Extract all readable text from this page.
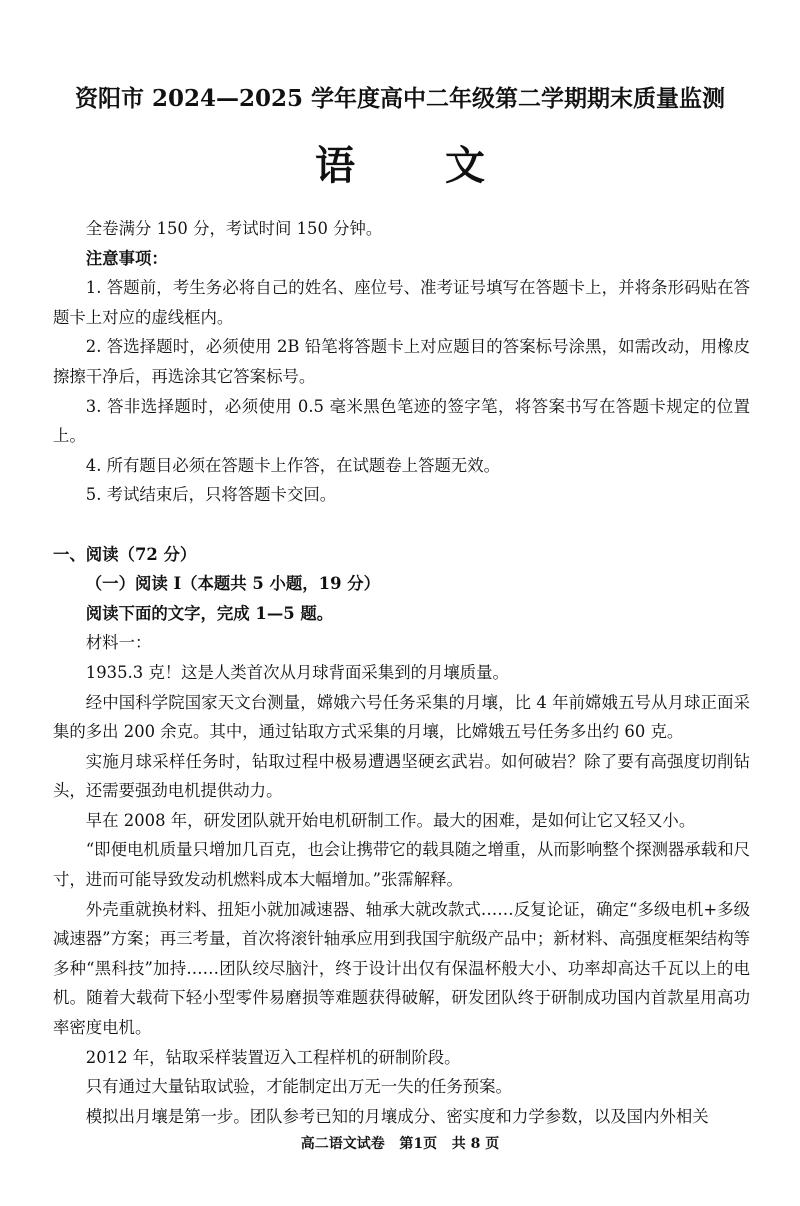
资阳市 2024—2025 学年度高中二年级第二学期期末质量监测
语文

全卷满分 150 分，考试时间 150 分钟。

注意事项：

1. 答题前，考生务必将自己的姓名、座位号、准考证号填写在答题卡上，并将条形码贴在答题卡上对应的虚线框内。

2. 答选择题时，必须使用 2B 铅笔将答题卡上对应题目的答案标号涂黑，如需改动，用橡皮擦擦干净后，再选涂其它答案标号。

3. 答非选择题时，必须使用 0.5 毫米黑色笔迹的签字笔，将答案书写在答题卡规定的位置上。

4. 所有题目必须在答题卡上作答，在试题卷上答题无效。

5. 考试结束后，只将答题卡交回。

一、阅读（72 分）

（一）阅读 I（本题共 5 小题，19 分）

阅读下面的文字，完成 1—5 题。

材料一：

1935.3 克！这是人类首次从月球背面采集到的月壤质量。

经中国科学院国家天文台测量，嫦娥六号任务采集的月壤，比 4 年前嫦娥五号从月球正面采集的多出 200 余克。其中，通过钻取方式采集的月壤，比嫦娥五号任务多出约 60 克。

实施月球采样任务时，钻取过程中极易遭遇坚硬玄武岩。如何破岩？除了要有高强度切削钻头，还需要强劲电机提供动力。

早在 2008 年，研发团队就开始电机研制工作。最大的困难，是如何让它又轻又小。

“即便电机质量只增加几百克，也会让携带它的载具随之增重，从而影响整个探测器承载和尺寸，进而可能导致发动机燃料成本大幅增加。”张霈解释。

外壳重就换材料、扭矩小就加减速器、轴承大就改款式……反复论证，确定“多级电机+多级减速器”方案；再三考量，首次将滚针轴承应用到我国宇航级产品中；新材料、高强度框架结构等多种“黑科技”加持……团队绞尽脑汁，终于设计出仅有保温杯般大小、功率却高达千瓦以上的电机。随着大载荷下轻小型零件易磨损等难题获得破解，研发团队终于研制成功国内首款星用高功率密度电机。

2012 年，钻取采样装置迈入工程样机的研制阶段。

只有通过大量钻取试验，才能制定出万无一失的任务预案。

模拟出月壤是第一步。团队参考已知的月壤成分、密实度和力学参数，以及国内外相关

高二语文试卷   第1页   共 8 页
